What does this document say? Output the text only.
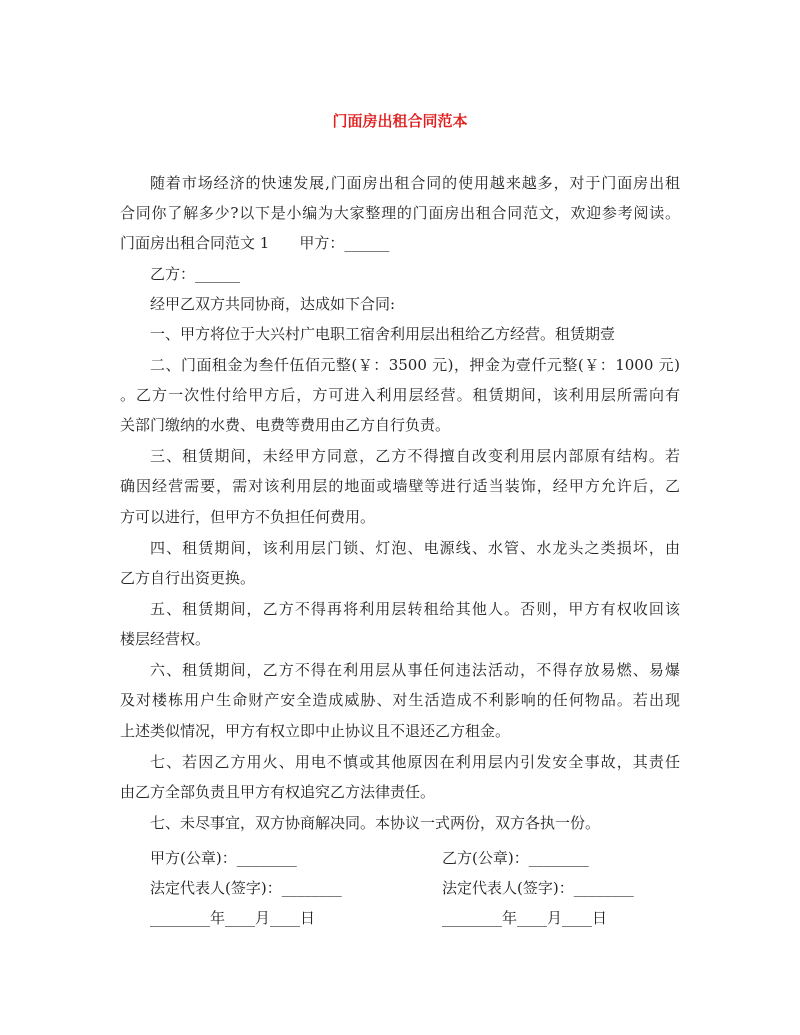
门面房出租合同范本
随着市场经济的快速发展,门面房出租合同的使用越来越多，对于门面房出租
合同你了解多少?以下是小编为大家整理的门面房出租合同范文，欢迎参考阅读。
门面房出租合同范文 1　　甲方：______
乙方：______
经甲乙双方共同协商，达成如下合同:
一、甲方将位于大兴村广电职工宿舍利用层出租给乙方经营。租赁期壹
二、门面租金为叁仟伍佰元整(￥：3500 元)，押金为壹仟元整(￥：1000 元)
。乙方一次性付给甲方后，方可进入利用层经营。租赁期间，该利用层所需向有
关部门缴纳的水费、电费等费用由乙方自行负责。
三、租赁期间，未经甲方同意，乙方不得擅自改变利用层内部原有结构。若
确因经营需要，需对该利用层的地面或墙壁等进行适当装饰，经甲方允许后，乙
方可以进行，但甲方不负担任何费用。
四、租赁期间，该利用层门锁、灯泡、电源线、水管、水龙头之类损坏，由
乙方自行出资更换。
五、租赁期间，乙方不得再将利用层转租给其他人。否则，甲方有权收回该
楼层经营权。
六、租赁期间，乙方不得在利用层从事任何违法活动，不得存放易燃、易爆
及对楼栋用户生命财产安全造成威胁、对生活造成不利影响的任何物品。若出现
上述类似情况，甲方有权立即中止协议且不退还乙方租金。
七、若因乙方用火、用电不慎或其他原因在利用层内引发安全事故，其责任
由乙方全部负责且甲方有权追究乙方法律责任。
七、未尽事宜，双方协商解决同。本协议一式两份，双方各执一份。
甲方(公章)：________	乙方(公章)：________
法定代表人(签字)：________	法定代表人(签字)：________
________年____月____日	________年____月____日
